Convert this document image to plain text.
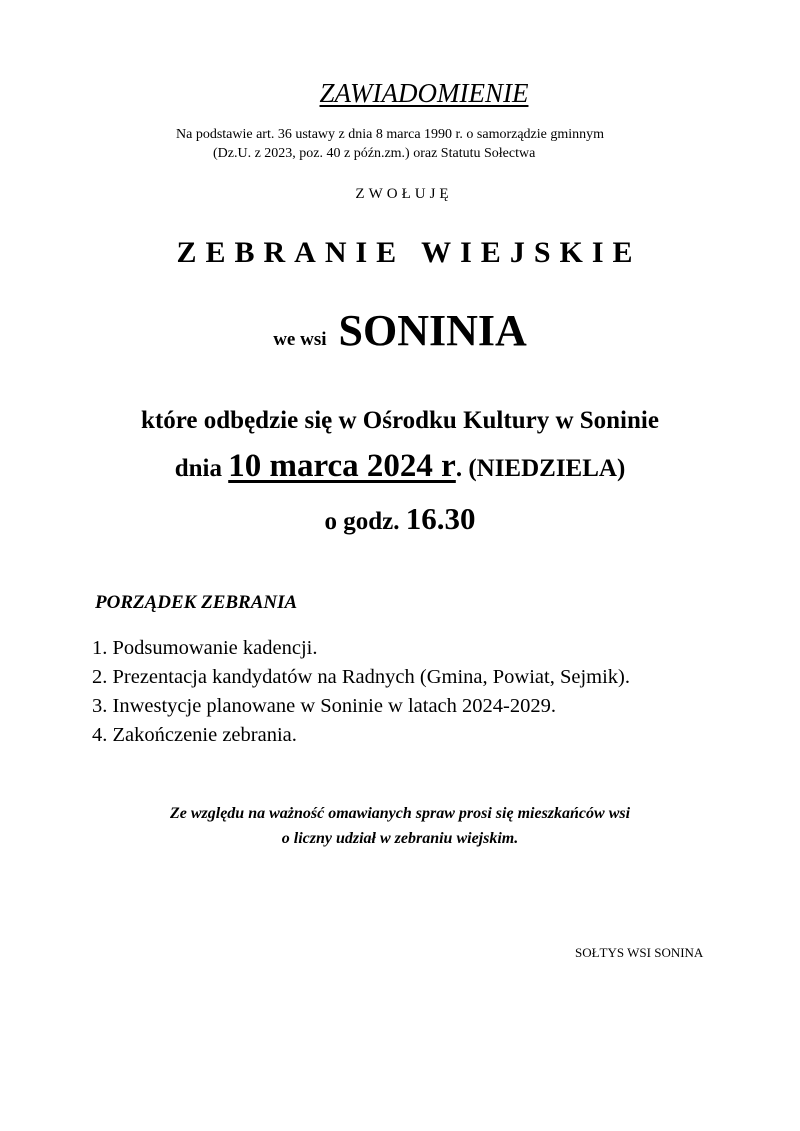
ZAWIADOMIENIE
Na podstawie art. 36 ustawy z dnia 8 marca 1990 r. o samorządzie gminnym
(Dz.U. z 2023, poz. 40 z późn.zm.) oraz Statutu Sołectwa
ZWOŁUJĘ
ZEBRANIE WIEJSKIE
we wsi SONINIA
które odbędzie się w Ośrodku Kultury w Soninie
dnia 10 marca 2024 r. (NIEDZIELA)
o godz. 16.30
PORZĄDEK ZEBRANIA
1. Podsumowanie kadencji.
2. Prezentacja kandydatów na Radnych (Gmina, Powiat, Sejmik).
3. Inwestycje planowane w Soninie w latach 2024-2029.
4. Zakończenie zebrania.
Ze względu na ważność omawianych spraw prosi się mieszkańców wsi
o liczny udział w zebraniu wiejskim.
SOŁTYS WSI SONINA
